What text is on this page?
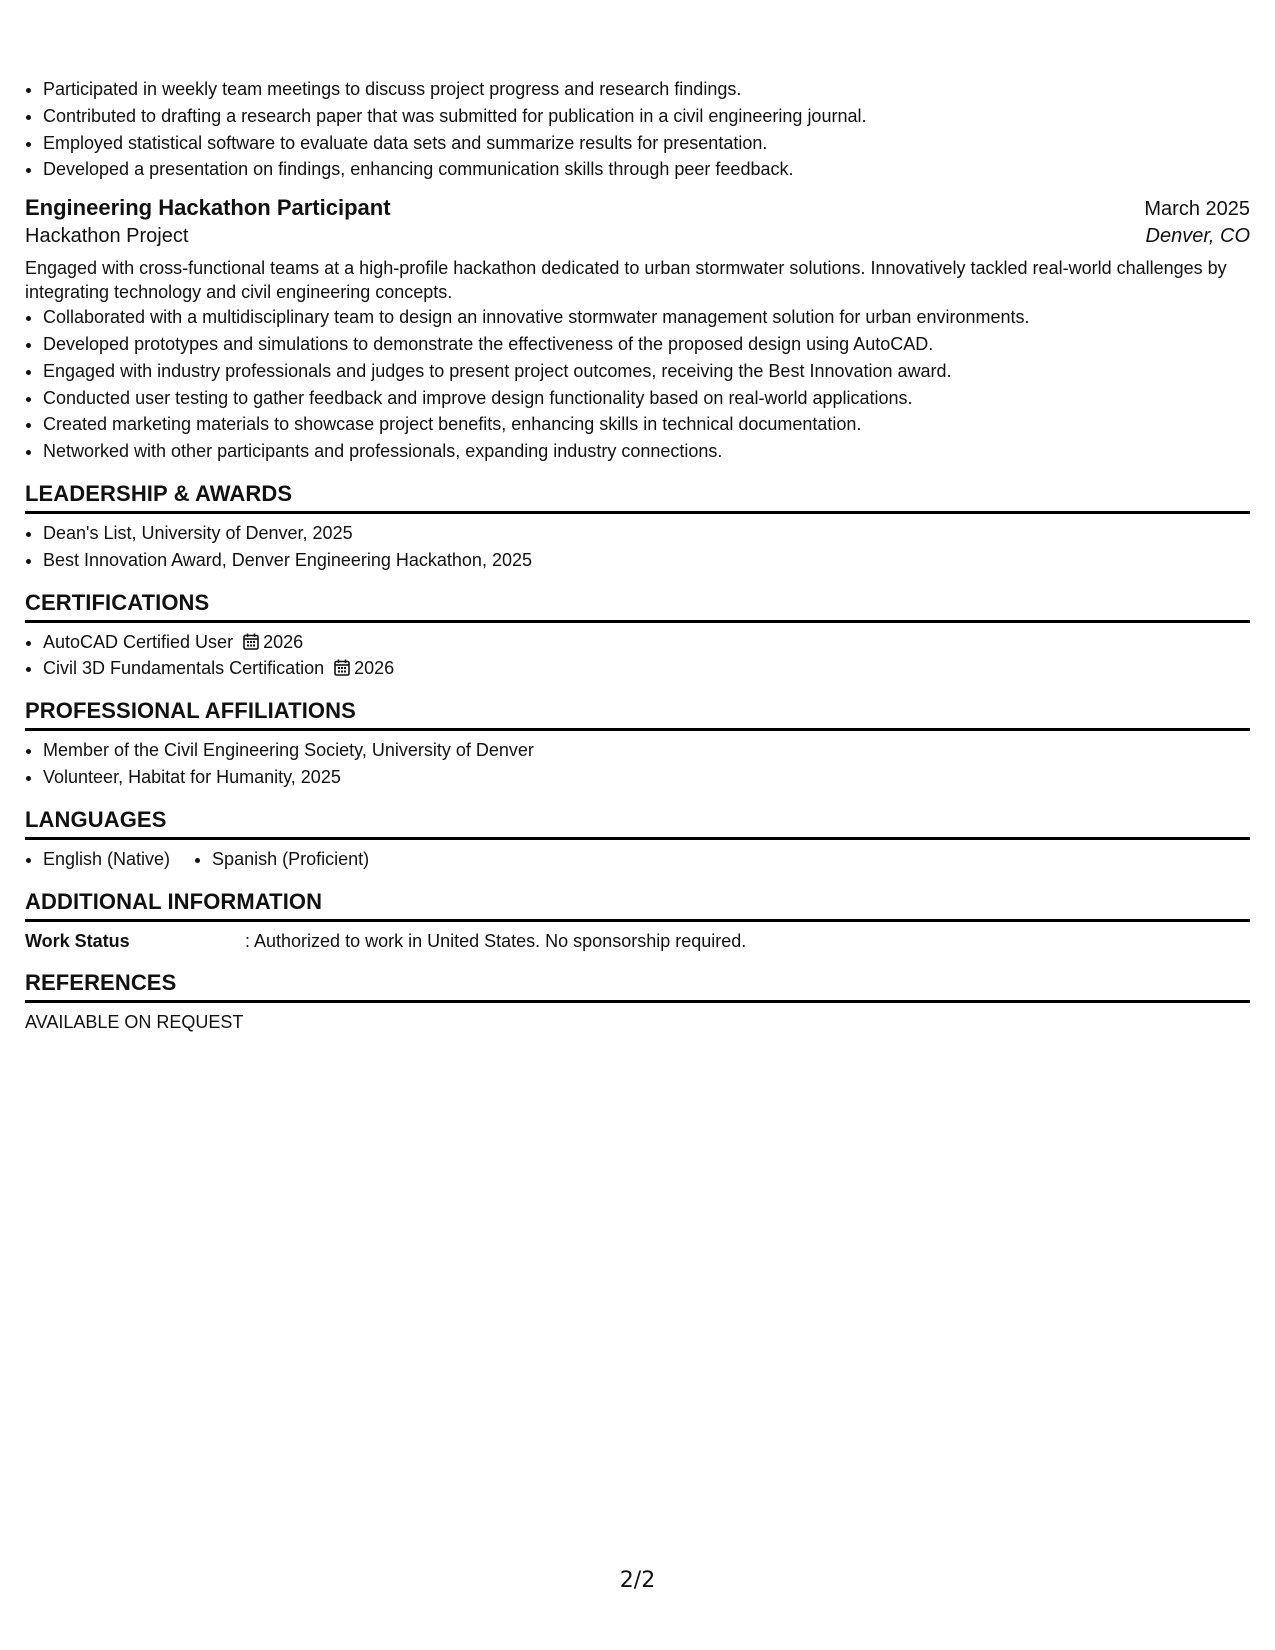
• Participated in weekly team meetings to discuss project progress and research findings.
• Contributed to drafting a research paper that was submitted for publication in a civil engineering journal.
• Employed statistical software to evaluate data sets and summarize results for presentation.
• Developed a presentation on findings, enhancing communication skills through peer feedback.
Engineering Hackathon Participant	March 2025
Hackathon Project	Denver, CO
Engaged with cross-functional teams at a high-profile hackathon dedicated to urban stormwater solutions. Innovatively tackled real-world challenges by integrating technology and civil engineering concepts.
• Collaborated with a multidisciplinary team to design an innovative stormwater management solution for urban environments.
• Developed prototypes and simulations to demonstrate the effectiveness of the proposed design using AutoCAD.
• Engaged with industry professionals and judges to present project outcomes, receiving the Best Innovation award.
• Conducted user testing to gather feedback and improve design functionality based on real-world applications.
• Created marketing materials to showcase project benefits, enhancing skills in technical documentation.
• Networked with other participants and professionals, expanding industry connections.
LEADERSHIP & AWARDS
• Dean's List, University of Denver, 2025
• Best Innovation Award, Denver Engineering Hackathon, 2025
CERTIFICATIONS
• AutoCAD Certified User 2026
• Civil 3D Fundamentals Certification 2026
PROFESSIONAL AFFILIATIONS
• Member of the Civil Engineering Society, University of Denver
• Volunteer, Habitat for Humanity, 2025
LANGUAGES
• English (Native)
• Spanish (Proficient)
ADDITIONAL INFORMATION
Work Status	: Authorized to work in United States. No sponsorship required.
REFERENCES
AVAILABLE ON REQUEST
2/2
